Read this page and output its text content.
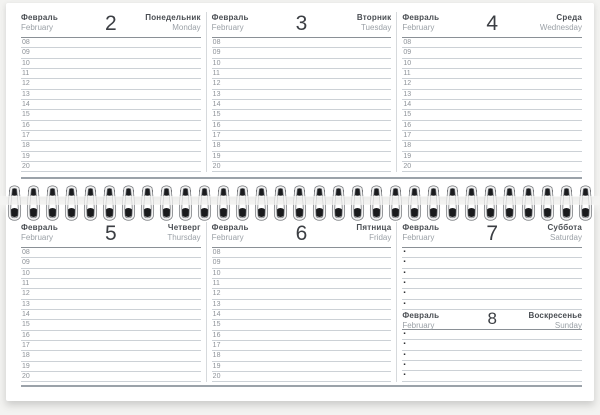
Февраль
February	2	Понедельник
Monday
08
09
10
11
12
13
14
15
16
17
18
19
20
Февраль
February	3	Вторник
Tuesday
08
09
10
11
12
13
14
15
16
17
18
19
20
Февраль
February	4	Среда
Wednesday
08
09
10
11
12
13
14
15
16
17
18
19
20
Февраль
February	5	Четверг
Thursday
08
09
10
11
12
13
14
15
16
17
18
19
20
Февраль
February	6	Пятница
Friday
08
09
10
11
12
13
14
15
16
17
18
19
20
Февраль
February	7	Суббота
Saturday
▪
▪
▪
▪
▪
▪
Февраль
February	8	Воскресенье
Sunday
▪
▪
▪
▪
▪
